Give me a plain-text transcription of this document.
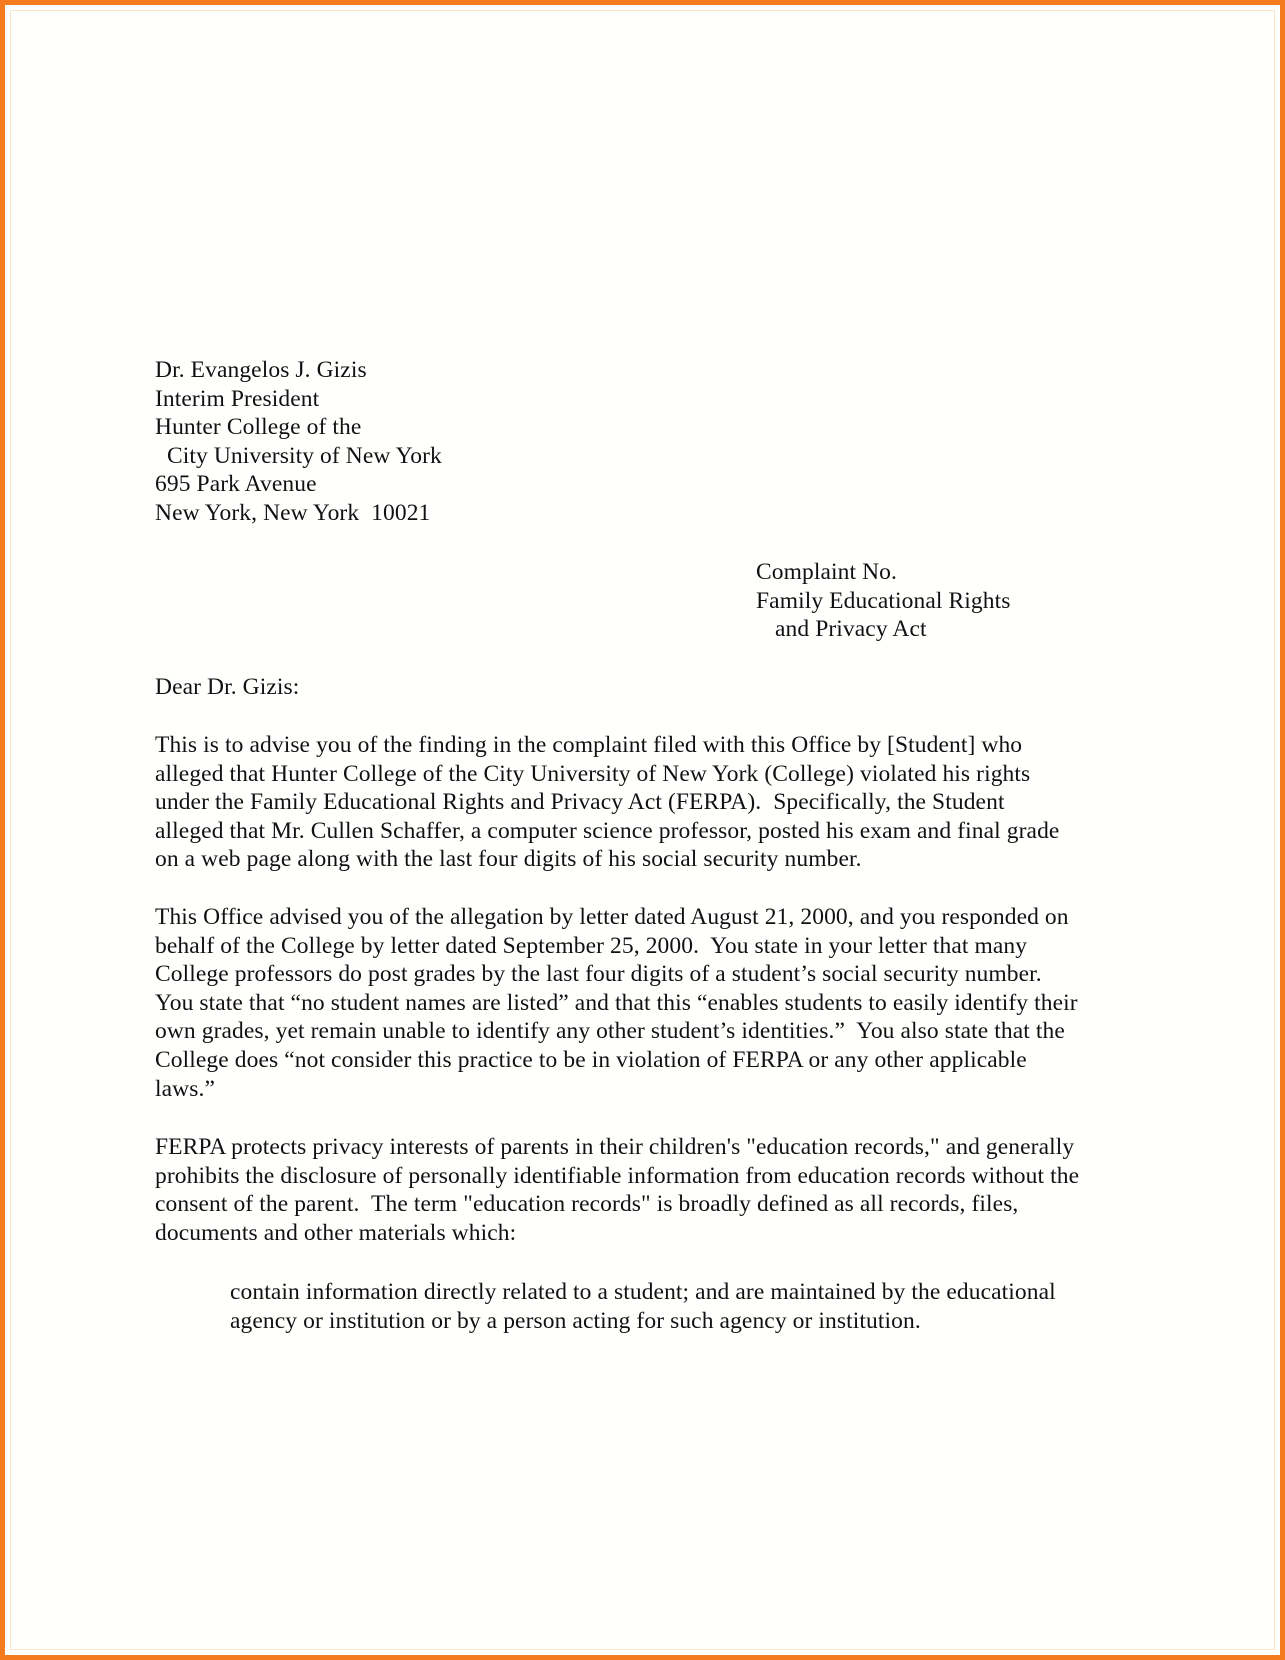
Dr. Evangelos J. Gizis
Interim President
Hunter College of the
City University of New York
695 Park Avenue
New York, New York  10021
Complaint No.
Family Educational Rights
and Privacy Act
Dear Dr. Gizis:
This is to advise you of the finding in the complaint filed with this Office by [Student] who
alleged that Hunter College of the City University of New York (College) violated his rights
under the Family Educational Rights and Privacy Act (FERPA).  Specifically, the Student
alleged that Mr. Cullen Schaffer, a computer science professor, posted his exam and final grade
on a web page along with the last four digits of his social security number.
This Office advised you of the allegation by letter dated August 21, 2000, and you responded on
behalf of the College by letter dated September 25, 2000.  You state in your letter that many
College professors do post grades by the last four digits of a student’s social security number.
You state that “no student names are listed” and that this “enables students to easily identify their
own grades, yet remain unable to identify any other student’s identities.”  You also state that the
College does “not consider this practice to be in violation of FERPA or any other applicable
laws.”
FERPA protects privacy interests of parents in their children's "education records," and generally
prohibits the disclosure of personally identifiable information from education records without the
consent of the parent.  The term "education records" is broadly defined as all records, files,
documents and other materials which:
contain information directly related to a student; and are maintained by the educational
agency or institution or by a person acting for such agency or institution.
